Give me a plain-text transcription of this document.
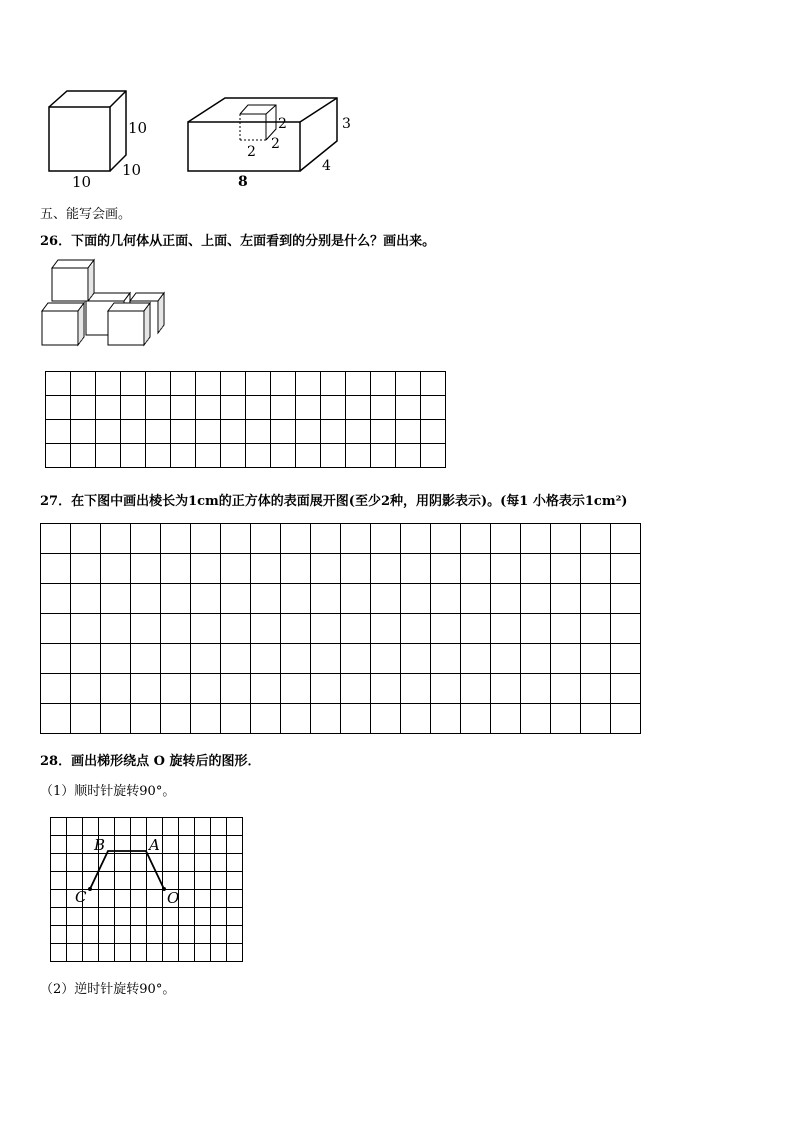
10
10
10
2
2
2
3
4
8
五、能写会画。
26．下面的几何体从正面、上面、左面看到的分别是什么？画出来。

27．在下图中画出棱长为1cm的正方体的表面展开图(至少2种，用阴影表示)。(每1 小格表示1cm²)

28．画出梯形绕点 O 旋转后的图形．
（1）顺时针旋转90°。

B	A
C	O
（2）逆时针旋转90°。
